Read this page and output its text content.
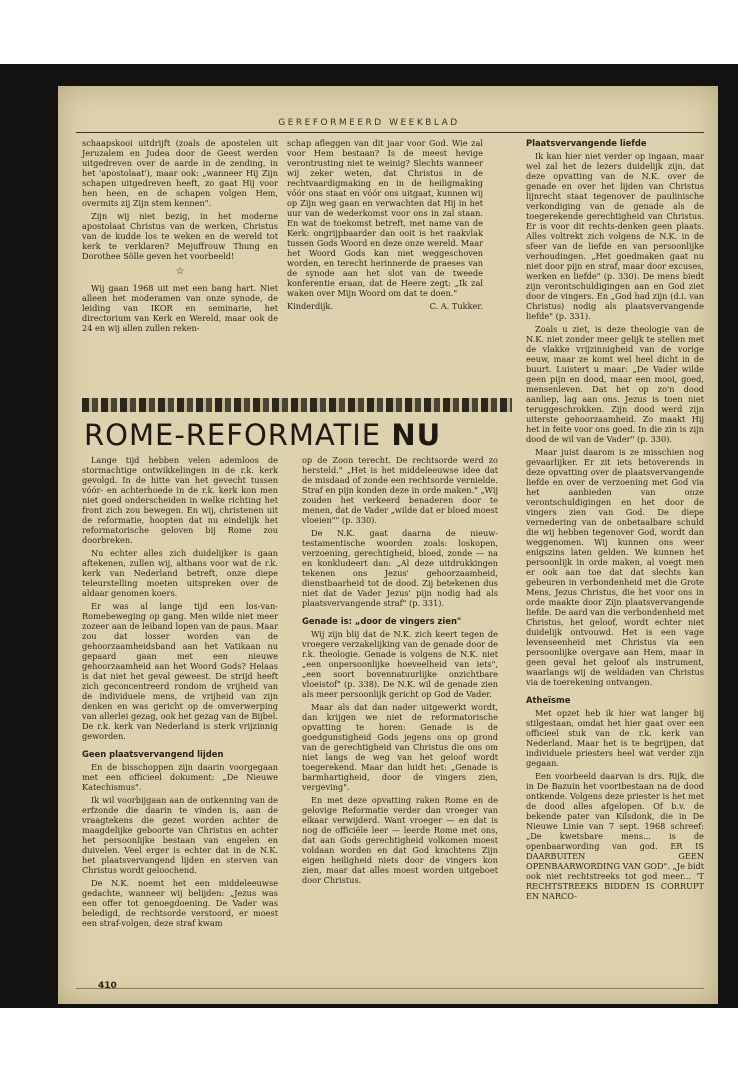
GEREFORMEERD WEEKBLAD

schaapskooi uitdrijft (zoals de apostelen uit Jeruzalem en Judea door de Geest werden uitgedreven over de aarde in de zending, in het 'apostolaat'), maar ook: „wanneer Hij Zijn schapen uitgedreven heeft, zo gaat Hij voor hen heen, en de schapen volgen Hem, overmits zij Zijn stem kennen".

Zijn wij niet bezig, in het moderne apostolaat Christus van de werken, Christus van de kudde los te weken en de wereld tot kerk te verklaren? Mejuffrouw Thung en Dorothee Sölle geven het voorbeeld!

☆

Wij gaan 1968 uit met een bang hart. Niet alleen het moderamen van onze synode, de leiding van IKOR en seminarie, het directorium van Kerk en Wereld, maar ook de 24 en wij allen zullen reken-

schap afleggen van dit jaar voor God. Wie zal voor Hem bestaan? Is de meest hevige verontrusting niet te weinig? Slechts wanneer wij zeker weten, dat Christus in de rechtvaardigmaking en in de heiligmaking vóór ons staat en vóór ons uitgaat, kunnen wij op Zijn weg gaan en verwachten dat Hij in het uur van de wederkomst voor ons in zal staan. En wat de toekomst betreft, met name van de Kerk: ongrijpbaarder dan ooit is het raakvlak tussen Gods Woord en deze onze wereld. Maar het Woord Gods kan niet weggeschoven worden, en terecht herinnerde de praeses van de synode aan het slot van de tweede konferentie eraan, dat de Heere zegt: „Ik zal waken over Mijn Woord om dat te doen."

Kinderdijk.	C. A. Tukker.
Plaatsvervangende liefde

Ik kan hier niet verder op ingaan, maar wel zal het de lezers duidelijk zijn, dat deze opvatting van de N.K. over de genade en over het lijden van Christus lijnrecht staat tegenover de paulinische verkondiging van de genade als de toegerekende gerechtigheid van Christus. Er is voor dit rechts-denken geen plaats. Alles voltrekt zich volgens de N.K. in de sfeer van de liefde en van persoonlijke verhoudingen. „Het goedmaken gaat nu niet door pijn en straf, maar door excuses, werken en liefde" (p. 330). De mens biedt zijn verontschuldigingen aan en God ziet door de vingers. En „God had zijn (d.i. van Christus) nodig als plaatsvervangende liefde" (p. 331).

Zoals u ziet, is deze theologie van de N.K. niet zonder meer gelijk te stellen met de vlakke vrijzinnigheid van de vorige eeuw, maar ze komt wel heel dicht in de buurt. Luistert u maar: „De Vader wilde geen pijn en dood, maar een mooi, goed, mensenleven. Dat het op zo'n dood aanliep, lag aan ons. Jezus is toen niet teruggeschrokken. Zijn dood werd zijn uiterste gehoorzaamheid. Zo maakt Hij het in feite voor ons goed. In die zin is zijn dood de wil van de Vader" (p. 330).

Maar juist daarom is ze misschien nog gevaarlijker. Er zit iets betoverends in deze opvatting over de plaatsvervangende liefde en over de verzoening met God via het aanbieden van onze verontschuldigingen en het door de vingers zien van God. De diepe vernedering van de onbetaalbare schuld die wij hebben tegenover God, wordt dan weggenomen. Wij kunnen ons weer enigszins laten gelden. We kunnen het persoonlijk in orde maken, al voegt men er ook aan toe dat dat slechts kan gebeuren in verbondenheid met die Grote Mens, Jezus Christus, die het voor ons in orde maakte door Zijn plaatsvervangende liefde. De aard van die verbondenheid met Christus, het geloof, wordt echter niet duidelijk ontvouwd. Het is een vage levenseenheid met Christus via een persoonlijke overgave aan Hem, maar in geen geval het geloof als instrument, waarlangs wij de weldaden van Christus via de toerekening ontvangen.

Atheïsme

Met opzet heb ik hier wat langer bij stilgestaan, omdat het hier gaat over een officieel stuk van de r.k. kerk van Nederland. Maar het is te begrijpen, dat individuele priesters heel wat verder zijn gegaan.

Een voorbeeld daarvan is drs. Rijk, die in De Bazuin het voortbestaan na de dood ontkende. Volgens deze priester is het met de dood alles afgelopen. Of b.v. de bekende pater van Kilsdonk, die in De Nieuwe Linie van 7 sept. 1968 schreef: „De kwetsbare mens... is de openbaarwording van god. ER IS DAARBUITEN GEEN OPENBAARWORDING VAN GOD". „Je bidt ook niet rechtstreeks tot god meer... 'T RECHTSTREEKS BIDDEN IS CORRUPT EN NARCO-

ROME-REFORMATIE NU

Lange tijd hebben velen ademloos de stormachtige ontwikkelingen in de r.k. kerk gevolgd. In de hitte van het gevecht tussen vóór- en achterhoede in de r.k. kerk kon men niet goed onderscheiden in welke richting het front zich zou bewegen. En wij, christenen uit de reformatie, hoopten dat nu eindelijk het reformatorische geloven bij Rome zou doorbreken.

Nu echter alles zich duidelijker is gaan aftekenen, zullen wij, althans voor wat de r.k. kerk van Nederland betreft, onze diepe teleurstelling moeten uitspreken over de aldaar genomen koers.

Er was al lange tijd een los-van-Romebeweging op gang. Men wilde niet meer zozeer aan de leiband lopen van de paus. Maar zou dat losser worden van de gehoorzaamheidsband aan het Vatikaan nu gepaard gaan met een nieuwe gehoorzaamheid aan het Woord Gods? Helaas is dat niet het geval geweest. De strijd heeft zich geconcentreerd rondom de vrijheid van de individuele mens, de vrijheid van zijn denken en was gericht op de omverwerping van allerlei gezag, ook het gezag van de Bijbel. De r.k. kerk van Nederland is sterk vrijzinnig geworden.

Geen plaatsvervangend lijden

En de bisschoppen zijn daarin voorgegaan met een officieel dokument: „De Nieuwe Katechismus".

Ik wil voorbijgaan aan de ontkenning van de erfzonde die daarin te vinden is, aan de vraagtekens die gezet worden achter de maagdelijke geboorte van Christus en achter het persoonlijke bestaan van engelen en duivelen. Veel erger is echter dat in de N.K. het plaatsvervangend lijden en sterven van Christus wordt geloochend.

De N.K. noemt het een middeleeuwse gedachte, wanneer wij belijden: „Jezus was een offer tot genoegdoening. De Vader was beledigd, de rechtsorde verstoord, er moest een straf-volgen, deze straf kwam

op de Zoon terecht. De rechtsorde werd zo hersteld." „Het is het middeleeuwse idee dat de misdaad of zonde een rechtsorde vernielde. Straf en pijn konden deze in orde maken." „Wij zouden het verkeerd benaderen door te menen, dat de Vader „wilde dat er bloed moest vloeien"" (p. 330).

De N.K. gaat daarna de nieuw-testamentische woorden zoals: loskopen, verzoening, gerechtigheid, bloed, zonde — na en konkludeert dan: „Al deze uitdrukkingen tekenen ons Jezus' gehoorzaamheid, dienstbaarheid tot de dood. Zij betekenen dus niet dat de Vader Jezus' pijn nodig had als plaatsvervangende straf" (p. 331).

Genade is: „door de vingers zien"

Wij zijn blij dat de N.K. zich keert tegen de vroegere verzakelijking van de genade door de r.k. theologie. Genade is volgens de N.K. niet „een onpersoonlijke hoeveelheid van iets", „een soort bovennatuurlijke onzichtbare vloeistof" (p. 338). De N.K. wil de genade zien als meer persoonlijk gericht op God de Vader.

Maar als dat dan nader uitgewerkt wordt, dan krijgen we niet de reformatorische opvatting te horen: Genade is de goedgunstigheid Gods jegens ons op grond van de gerechtigheid van Christus die ons om niet langs de weg van het geloof wordt toegerekend. Maar dan luidt het: „Genade is barmhartigheid, door de vingers zien, vergeving".

En met deze opvatting raken Rome en de gelovige Reformatie verder dan vroeger van elkaar verwijderd. Want vroeger — en dat is nog de officiële leer — leerde Rome met ons, dat aan Gods gerechtigheid volkomen moest voldaan worden en dat God krachtens Zijn eigen heiligheid niets door de vingers kon zien, maar dat alles moest worden uitgeboet door Christus.

410
